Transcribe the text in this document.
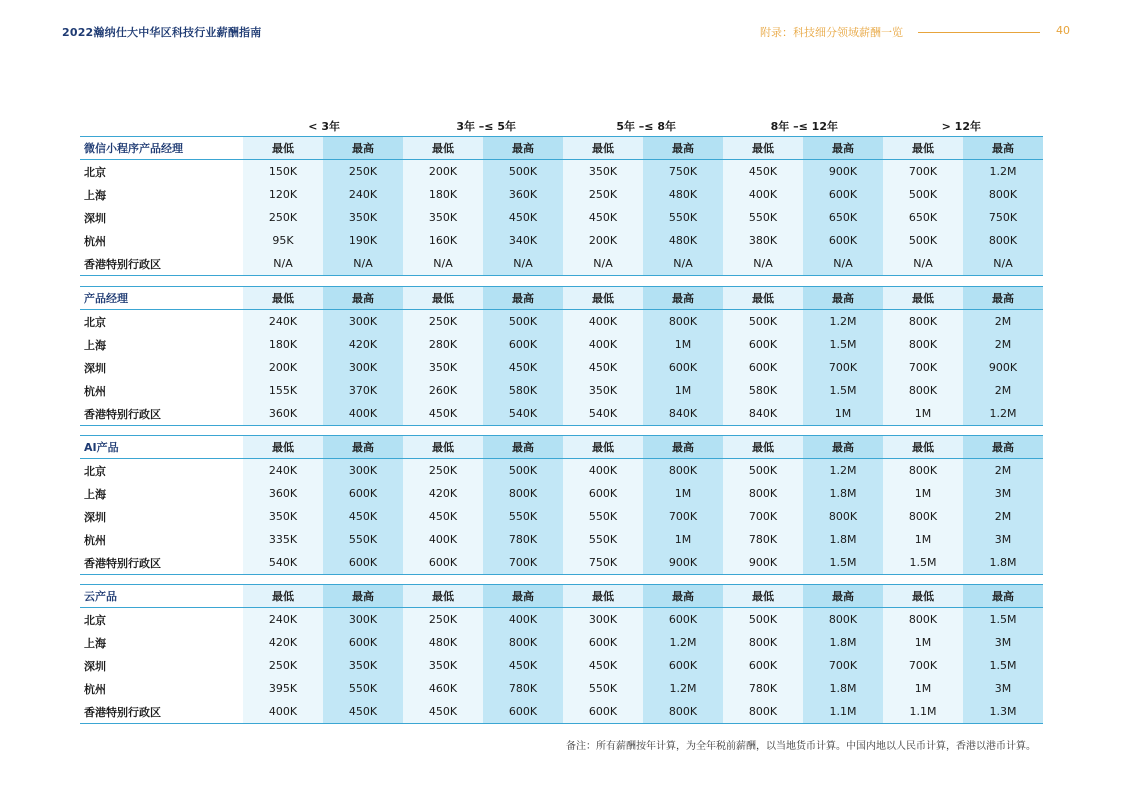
2022瀚纳仕大中华区科技行业薪酬指南	附录：科技细分领域薪酬一览	40
< 3年	3年 –≤ 5年	5年 –≤ 8年	8年 –≤ 12年	> 12年
微信小程序产品经理	最低	最高	最低	最高	最低	最高	最低	最高	最低	最高
北京	150K	250K	200K	500K	350K	750K	450K	900K	700K	1.2M
上海	120K	240K	180K	360K	250K	480K	400K	600K	500K	800K
深圳	250K	350K	350K	450K	450K	550K	550K	650K	650K	750K
杭州	95K	190K	160K	340K	200K	480K	380K	600K	500K	800K
香港特别行政区	N/A	N/A	N/A	N/A	N/A	N/A	N/A	N/A	N/A	N/A
产品经理	最低	最高	最低	最高	最低	最高	最低	最高	最低	最高
北京	240K	300K	250K	500K	400K	800K	500K	1.2M	800K	2M
上海	180K	420K	280K	600K	400K	1M	600K	1.5M	800K	2M
深圳	200K	300K	350K	450K	450K	600K	600K	700K	700K	900K
杭州	155K	370K	260K	580K	350K	1M	580K	1.5M	800K	2M
香港特别行政区	360K	400K	450K	540K	540K	840K	840K	1M	1M	1.2M
AI产品	最低	最高	最低	最高	最低	最高	最低	最高	最低	最高
北京	240K	300K	250K	500K	400K	800K	500K	1.2M	800K	2M
上海	360K	600K	420K	800K	600K	1M	800K	1.8M	1M	3M
深圳	350K	450K	450K	550K	550K	700K	700K	800K	800K	2M
杭州	335K	550K	400K	780K	550K	1M	780K	1.8M	1M	3M
香港特别行政区	540K	600K	600K	700K	750K	900K	900K	1.5M	1.5M	1.8M
云产品	最低	最高	最低	最高	最低	最高	最低	最高	最低	最高
北京	240K	300K	250K	400K	300K	600K	500K	800K	800K	1.5M
上海	420K	600K	480K	800K	600K	1.2M	800K	1.8M	1M	3M
深圳	250K	350K	350K	450K	450K	600K	600K	700K	700K	1.5M
杭州	395K	550K	460K	780K	550K	1.2M	780K	1.8M	1M	3M
香港特别行政区	400K	450K	450K	600K	600K	800K	800K	1.1M	1.1M	1.3M
备注：所有薪酬按年计算，为全年税前薪酬，以当地货币计算。中国内地以人民币计算，香港以港币计算。
